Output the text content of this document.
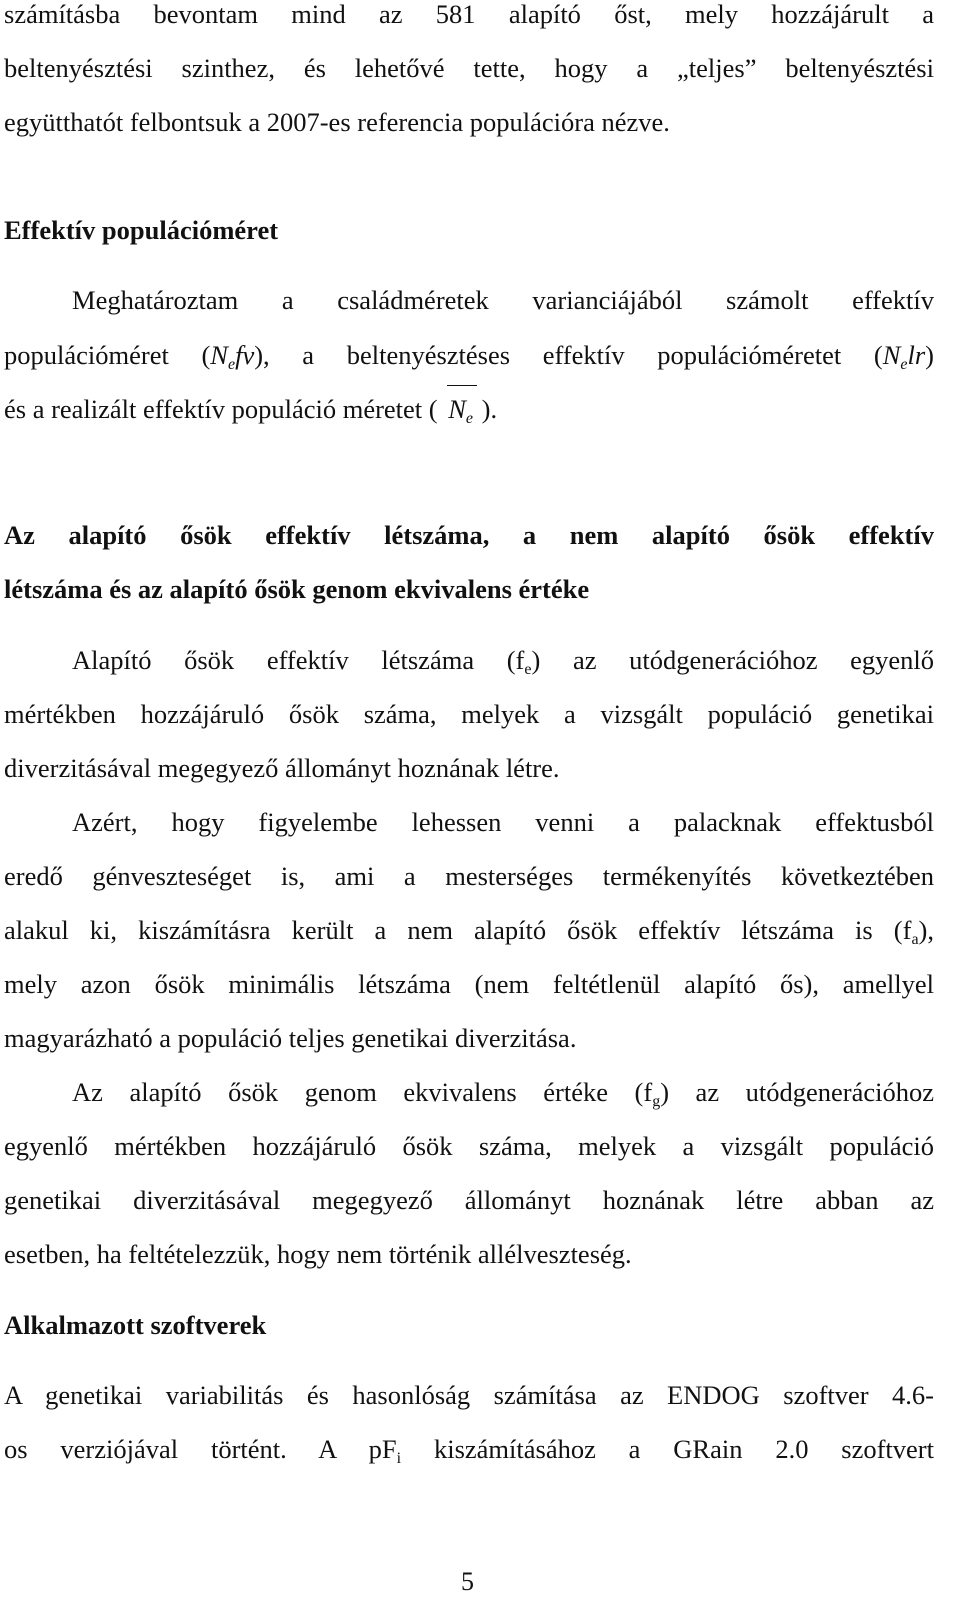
számításba bevontam mind az 581 alapító őst, mely hozzájárult a
beltenyésztési szinthez, és lehetővé tette, hogy a „teljes” beltenyésztési
együtthatót felbontsuk a 2007-es referencia populációra nézve.
Effektív populációméret
Meghatároztam a családméretek varianciájából számolt effektív
populációméret (Nefv), a beltenyésztéses effektív populációméretet (Nelr)
és a realizált effektív populáció méretet ( Ne ).
Az alapító ősök effektív létszáma, a nem alapító ősök effektív
létszáma és az alapító ősök genom ekvivalens értéke
Alapító ősök effektív létszáma $(f_e)$ az utódgenerációhoz egyenlő
mértékben hozzájáruló ősök száma, melyek a vizsgált populáció genetikai
diverzitásával megegyező állományt hoznának létre.
Azért, hogy figyelembe lehessen venni a palacknak effektusból
eredő génveszteséget is, ami a mesterséges termékenyítés következtében
alakul ki, kiszámításra került a nem alapító ősök effektív létszáma is $(f_a)$,
mely azon ősök minimális létszáma (nem feltétlenül alapító ős), amellyel
magyarázható a populáció teljes genetikai diverzitása.
Az alapító ősök genom ekvivalens értéke $(f_g)$ az utódgenerációhoz
egyenlő mértékben hozzájáruló ősök száma, melyek a vizsgált populáció
genetikai diverzitásával megegyező állományt hoznának létre abban az
esetben, ha feltételezzük, hogy nem történik allélveszteség.
Alkalmazott szoftverek
A genetikai variabilitás és hasonlóság számítása az ENDOG szoftver 4.6-
os verziójával történt. A $pF_i$ kiszámításához a GRain 2.0 szoftvert
5
